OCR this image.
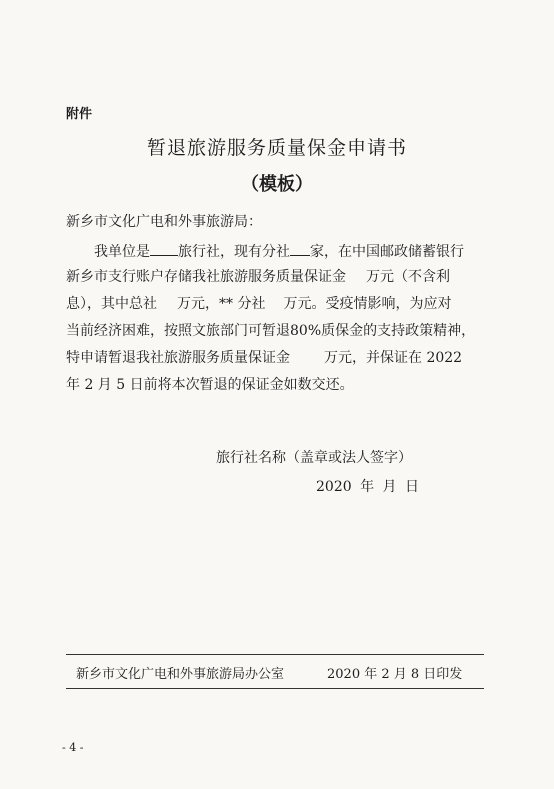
附件
暂退旅游服务质量保金申请书
（模板）
新乡市文化广电和外事旅游局：
我单位是 旅行社，现有分社 家，在中国邮政储蓄银行
新乡市支行账户存储我社旅游服务质量保证金 万元（不含利
息），其中总社 万元，** 分社 万元。受疫情影响，为应对
当前经济困难，按照文旅部门可暂退80%质保金的支持政策精神，
特申请暂退我社旅游服务质量保证金 万元，并保证在 2022
年 2 月 5 日前将本次暂退的保证金如数交还。
旅行社名称（盖章或法人签字）
2020 年 月 日
新乡市文化广电和外事旅游局办公室	2020 年 2 月 8 日印发
- 4 -
